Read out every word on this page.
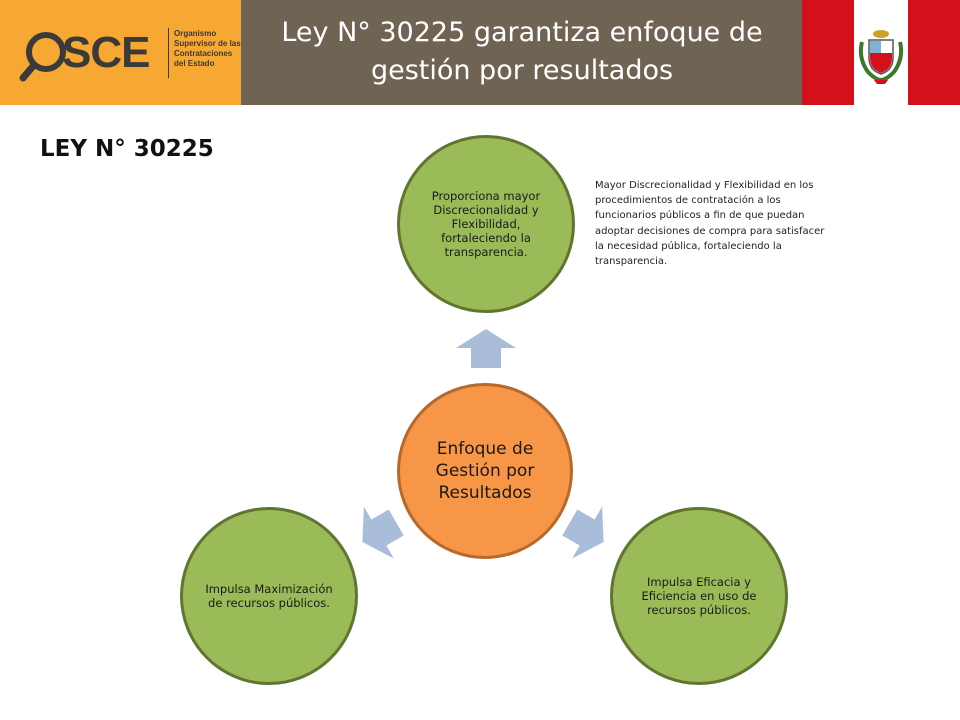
SCE	Organismo
Supervisor de las
Contrataciones
del Estado
Ley N° 30225 garantiza enfoque de
gestión por resultados
LEY N° 30225
Proporciona mayor Discrecionalidad y Flexibilidad, fortaleciendo la transparencia.
Enfoque de Gestión por Resultados
Impulsa Maximización de recursos públicos.
Impulsa Eficacia y Eficiencia en uso de recursos públicos.
Mayor Discrecionalidad y Flexibilidad en los procedimientos de contratación a los funcionarios públicos a fin de que puedan adoptar decisiones de compra para satisfacer la necesidad pública, fortaleciendo la transparencia.
